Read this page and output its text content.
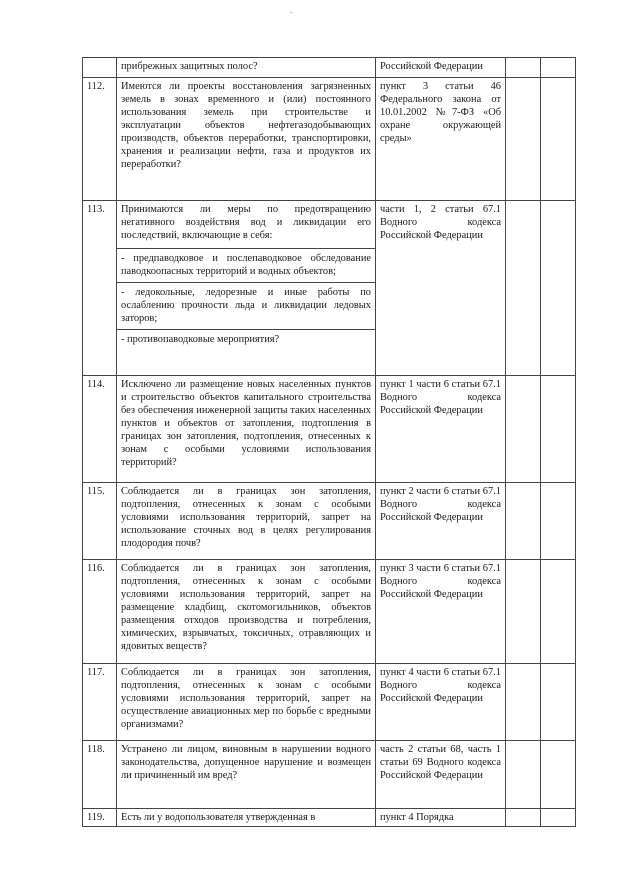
-
	прибрежных защитных полос?	Российской Федерации		
112.	Имеются ли проекты восстановления загрязненных земель в зонах временного и (или) постоянного использования земель при строительстве и эксплуатации объектов нефтегазодобывающих производств, объектов переработки, транспортировки, хранения и реализации нефти, газа и продуктов их переработки?	пункт 3 статьи 46 Федерального закона от 10.01.2002 №7-ФЗ «Об охране окружающей среды»		
113.	Принимаются ли меры по предотвращению негативного воздействия вод и ликвидации его последствий, включающие в себя:
- предпаводковое и послепаводковое обследование паводкоопасных территорий и водных объектов;
- ледокольные, ледорезные и иные работы по ослаблению прочности льда и ликвидации ледовых заторов;
- противопаводковые мероприятия?	части 1, 2 статьи 67.1 Водного кодекса Российской Федерации		
114.	Исключено ли размещение новых населенных пунктов и строительство объектов капитального строительства без обеспечения инженерной защиты таких населенных пунктов и объектов от затопления, подтопления в границах зон затопления, подтопления, отнесенных к зонам с особыми условиями использования территорий?	пункт 1 части 6 статьи 67.1 Водного кодекса Российской Федерации		
115.	Соблюдается ли в границах зон затопления, подтопления, отнесенных к зонам с особыми условиями использования территорий, запрет на использование сточных вод в целях регулирования плодородия почв?	пункт 2 части 6 статьи 67.1 Водного кодекса Российской Федерации		
116.	Соблюдается ли в границах зон затопления, подтопления, отнесенных к зонам с особыми условиями использования территорий, запрет на размещение кладбищ, скотомогильников, объектов размещения отходов производства и потребления, химических, взрывчатых, токсичных, отравляющих и ядовитых веществ?	пункт 3 части 6 статьи 67.1 Водного кодекса Российской Федерации		
117.	Соблюдается ли в границах зон затопления, подтопления, отнесенных к зонам с особыми условиями использования территорий, запрет на осуществление авиационных мер по борьбе с вредными организмами?	пункт 4 части 6 статьи 67.1 Водного кодекса Российской Федерации		
118.	Устранено ли лицом, виновным в нарушении водного законодательства, допущенное нарушение и возмещен ли причиненный им вред?	часть 2 статьи 68, часть 1 статьи 69 Водного кодекса Российской Федерации		
119.	Есть ли у водопользователя утвержденная в	пункт 4 Порядка		
